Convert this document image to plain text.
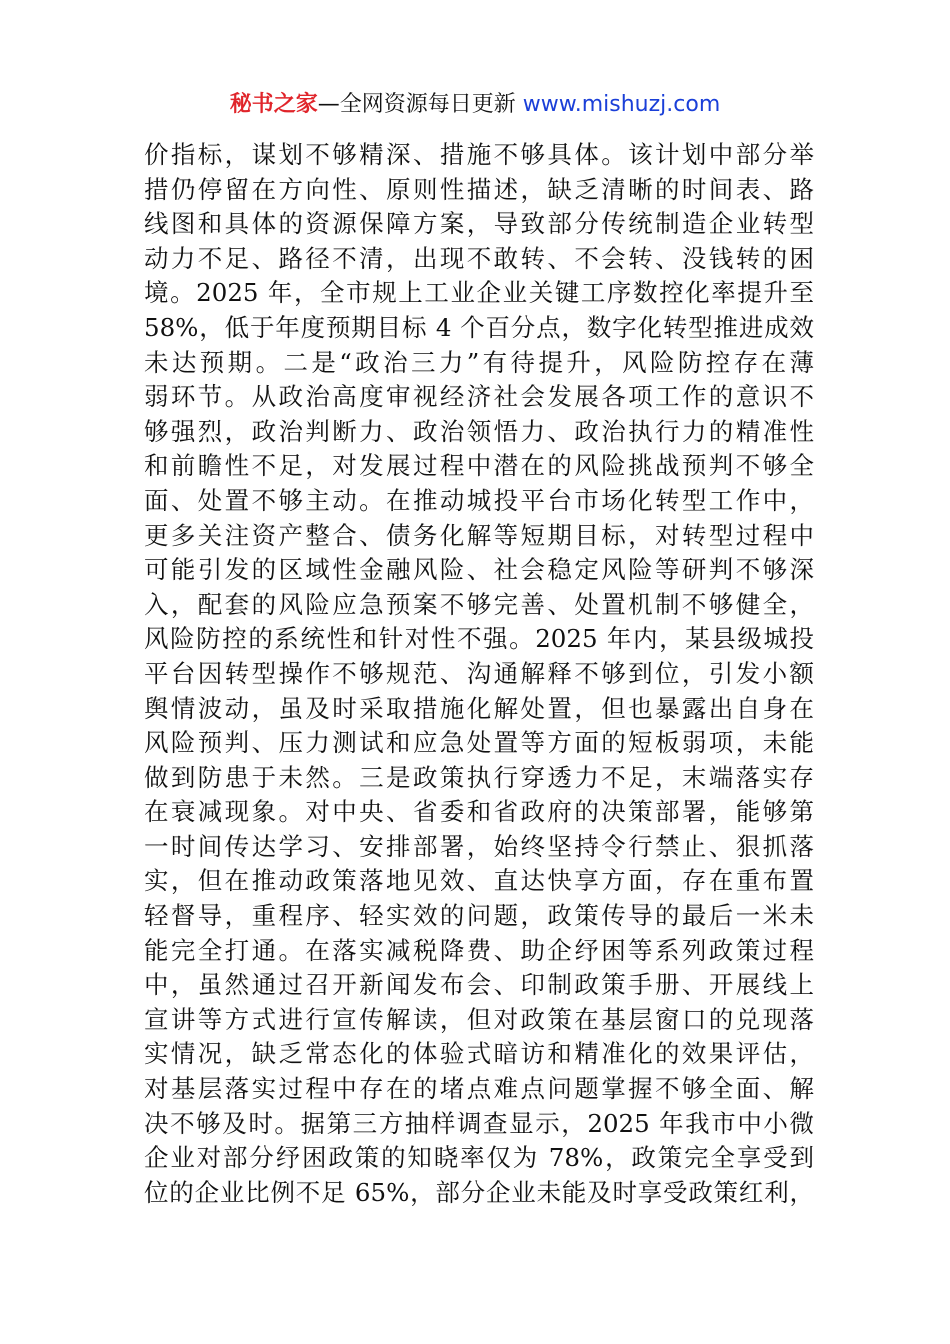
秘书之家—全网资源每日更新 www.mishuzj.com
价指标，谋划不够精深、措施不够具体。该计划中部分举
措仍停留在方向性、原则性描述，缺乏清晰的时间表、路
线图和具体的资源保障方案，导致部分传统制造企业转型
动力不足、路径不清，出现不敢转、不会转、没钱转的困
境。2025 年，全市规上工业企业关键工序数控化率提升至
58%，低于年度预期目标 4 个百分点，数字化转型推进成效
未达预期。二是“政治三力”有待提升，风险防控存在薄
弱环节。从政治高度审视经济社会发展各项工作的意识不
够强烈，政治判断力、政治领悟力、政治执行力的精准性
和前瞻性不足，对发展过程中潜在的风险挑战预判不够全
面、处置不够主动。在推动城投平台市场化转型工作中，
更多关注资产整合、债务化解等短期目标，对转型过程中
可能引发的区域性金融风险、社会稳定风险等研判不够深
入，配套的风险应急预案不够完善、处置机制不够健全，
风险防控的系统性和针对性不强。2025 年内，某县级城投
平台因转型操作不够规范、沟通解释不够到位，引发小额
舆情波动，虽及时采取措施化解处置，但也暴露出自身在
风险预判、压力测试和应急处置等方面的短板弱项，未能
做到防患于未然。三是政策执行穿透力不足，末端落实存
在衰减现象。对中央、省委和省政府的决策部署，能够第
一时间传达学习、安排部署，始终坚持令行禁止、狠抓落
实，但在推动政策落地见效、直达快享方面，存在重布置
轻督导，重程序、轻实效的问题，政策传导的最后一米未
能完全打通。在落实减税降费、助企纾困等系列政策过程
中，虽然通过召开新闻发布会、印制政策手册、开展线上
宣讲等方式进行宣传解读，但对政策在基层窗口的兑现落
实情况，缺乏常态化的体验式暗访和精准化的效果评估，
对基层落实过程中存在的堵点难点问题掌握不够全面、解
决不够及时。据第三方抽样调查显示，2025 年我市中小微
企业对部分纾困政策的知晓率仅为 78%，政策完全享受到
位的企业比例不足 65%，部分企业未能及时享受政策红利，
